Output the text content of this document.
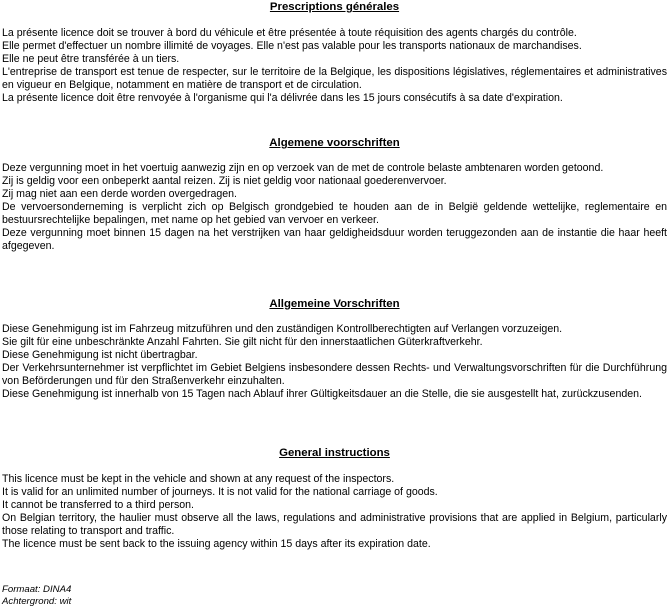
Prescriptions générales

La présente licence doit se trouver à bord du véhicule et être présentée à toute réquisition des agents chargés du contrôle.

Elle permet d'effectuer un nombre illimité de voyages. Elle n'est pas valable pour les transports nationaux de marchandises.

Elle ne peut être transférée à un tiers.

L'entreprise de transport est tenue de respecter, sur le territoire de la Belgique, les dispositions législatives, réglementaires et administratives en vigueur en Belgique, notamment en matière de transport et de circulation.

La présente licence doit être renvoyée à l'organisme qui l'a délivrée dans les 15 jours consécutifs à sa date d'expiration.

Algemene voorschriften

Deze vergunning moet in het voertuig aanwezig zijn en op verzoek van de met de controle belaste ambtenaren worden getoond.

Zij is geldig voor een onbeperkt aantal reizen. Zij is niet geldig voor nationaal goederenvervoer.

Zij mag niet aan een derde worden overgedragen.

De vervoersonderneming is verplicht zich op Belgisch grondgebied te houden aan de in België geldende wettelijke, reglementaire en bestuursrechtelijke bepalingen, met name op het gebied van vervoer en verkeer.

Deze vergunning moet binnen 15 dagen na het verstrijken van haar geldigheidsduur worden teruggezonden aan de instantie die haar heeft afgegeven.

Allgemeine Vorschriften

Diese Genehmigung ist im Fahrzeug mitzuführen und den zuständigen Kontrollberechtigten auf Verlangen vorzuzeigen.

Sie gilt für eine unbeschränkte Anzahl Fahrten. Sie gilt nicht für den innerstaatlichen Güterkraftverkehr.

Diese Genehmigung ist nicht übertragbar.

Der Verkehrsunternehmer ist verpflichtet im Gebiet Belgiens insbesondere dessen Rechts- und Verwaltungsvorschriften für die Durchführung von Beförderungen und für den Straßenverkehr einzuhalten.

Diese Genehmigung ist innerhalb von 15 Tagen nach Ablauf ihrer Gültigkeitsdauer an die Stelle, die sie ausgestellt hat, zurückzusenden.

General instructions

This licence must be kept in the vehicle and shown at any request of the inspectors.

It is valid for an unlimited number of journeys. It is not valid for the national carriage of goods.

It cannot be transferred to a third person.

On Belgian territory, the haulier must observe all the laws, regulations and administrative provisions that are applied in Belgium, particularly those relating to transport and traffic.

The licence must be sent back to the issuing agency within 15 days after its expiration date.

Formaat: DINA4

Achtergrond: wit
